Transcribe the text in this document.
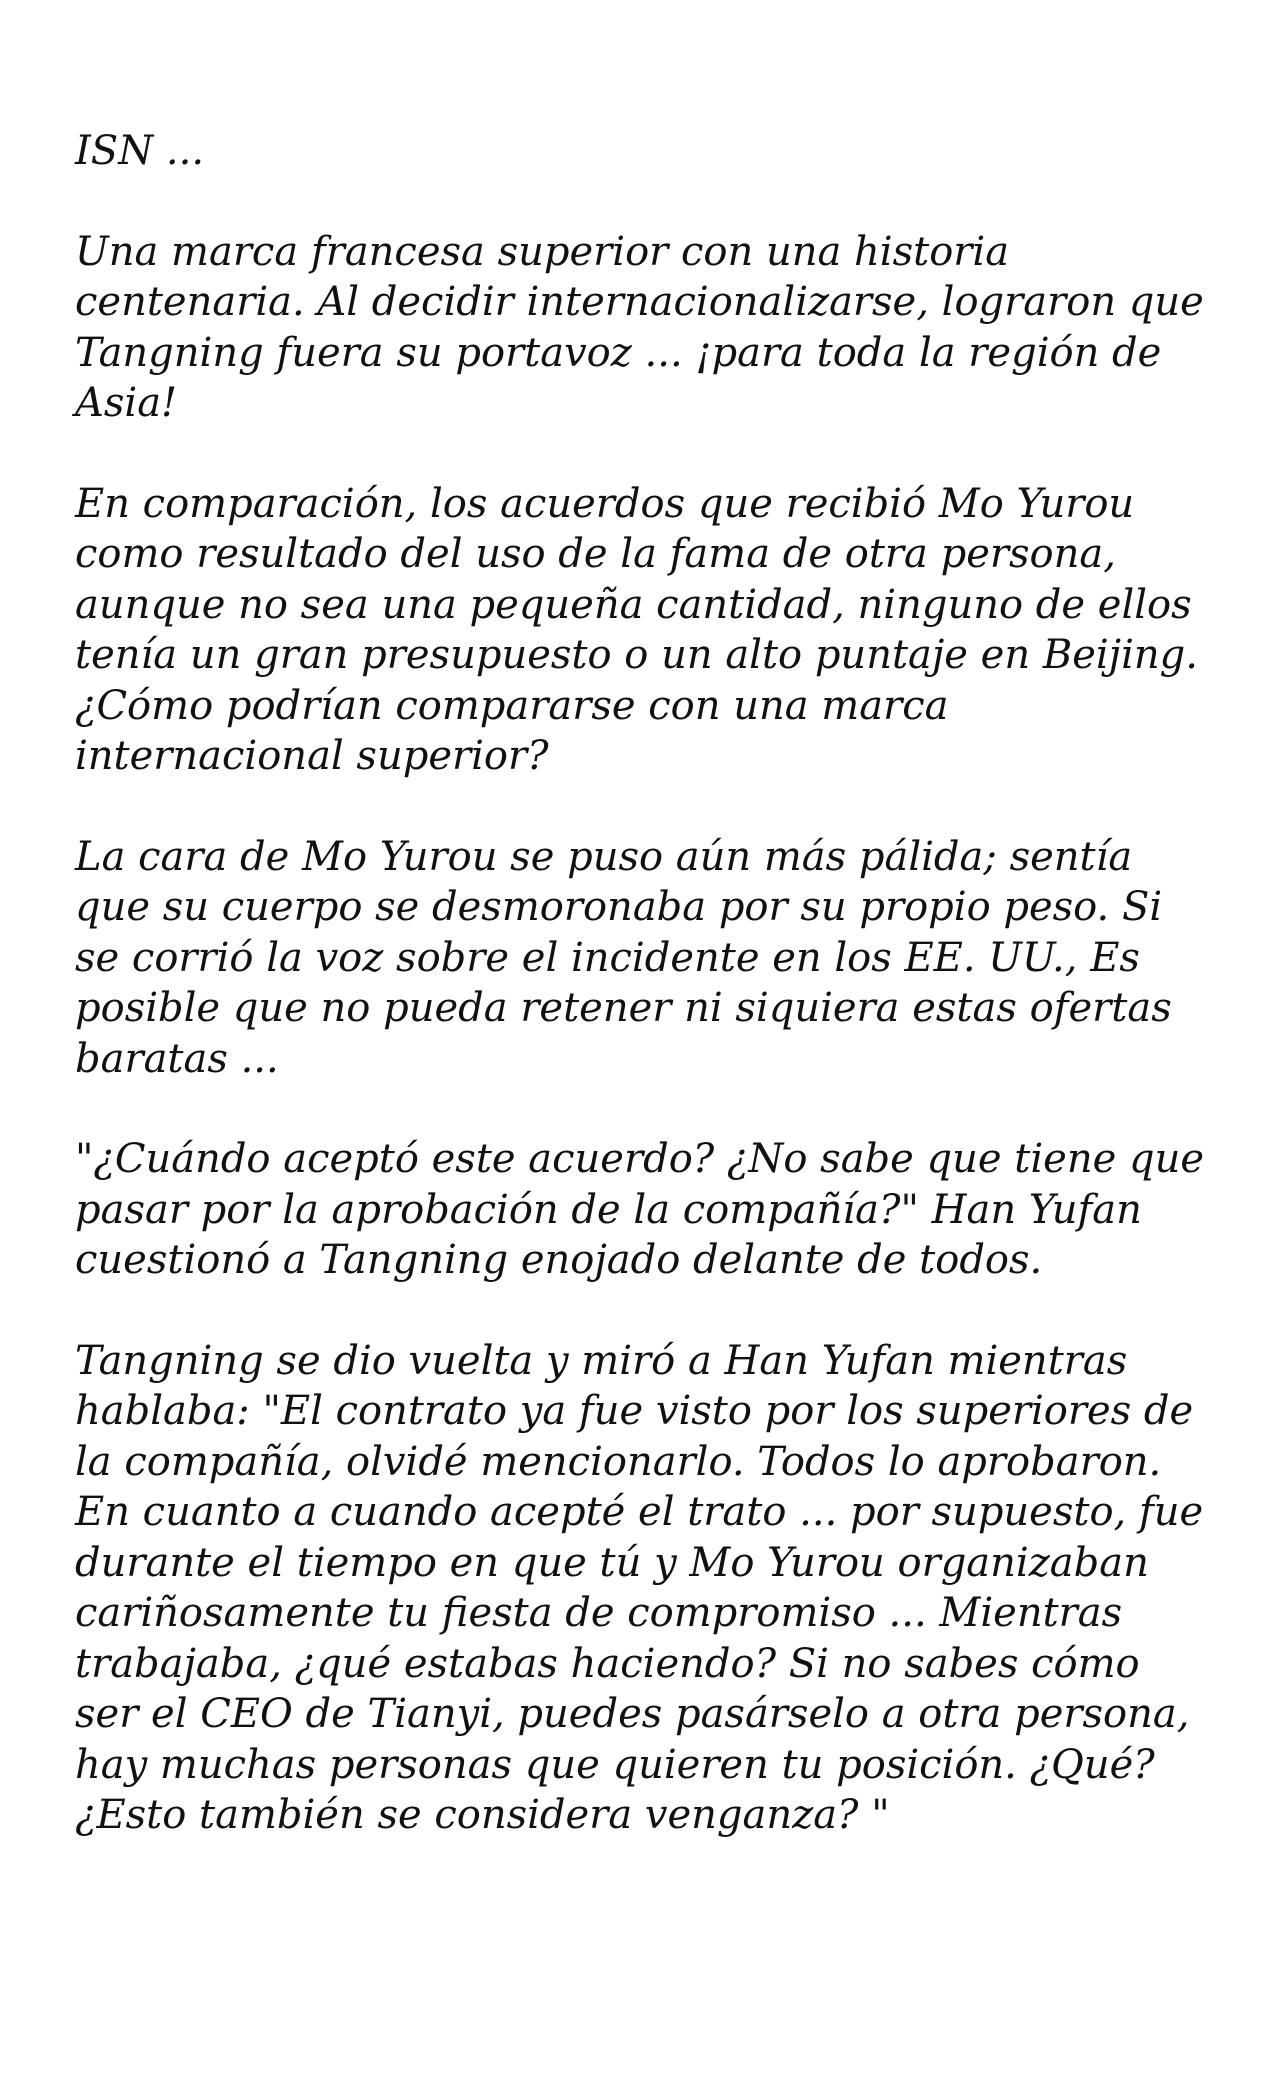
ISN ...

Una marca francesa superior con una historia centenaria. Al decidir internacionalizarse, lograron que Tangning fuera su portavoz ... ¡para toda la región de Asia!

En comparación, los acuerdos que recibió Mo Yurou como resultado del uso de la fama de otra persona, aunque no sea una pequeña cantidad, ninguno de ellos tenía un gran presupuesto o un alto puntaje en Beijing. ¿Cómo podrían compararse con una marca internacional superior?

La cara de Mo Yurou se puso aún más pálida; sentía que su cuerpo se desmoronaba por su propio peso. Si se corrió la voz sobre el incidente en los EE. UU., Es posible que no pueda retener ni siquiera estas ofertas baratas ...

"¿Cuándo aceptó este acuerdo? ¿No sabe que tiene que pasar por la aprobación de la compañía?" Han Yufan cuestionó a Tangning enojado delante de todos.

Tangning se dio vuelta y miró a Han Yufan mientras hablaba: "El contrato ya fue visto por los superiores de la compañía, olvidé mencionarlo. Todos lo aprobaron. En cuanto a cuando acepté el trato ... por supuesto, fue durante el tiempo en que tú y Mo Yurou organizaban cariñosamente tu fiesta de compromiso ... Mientras trabajaba, ¿qué estabas haciendo? Si no sabes cómo ser el CEO de Tianyi, puedes pasárselo a otra persona, hay muchas personas que quieren tu posición. ¿Qué? ¿Esto también se considera venganza? "
